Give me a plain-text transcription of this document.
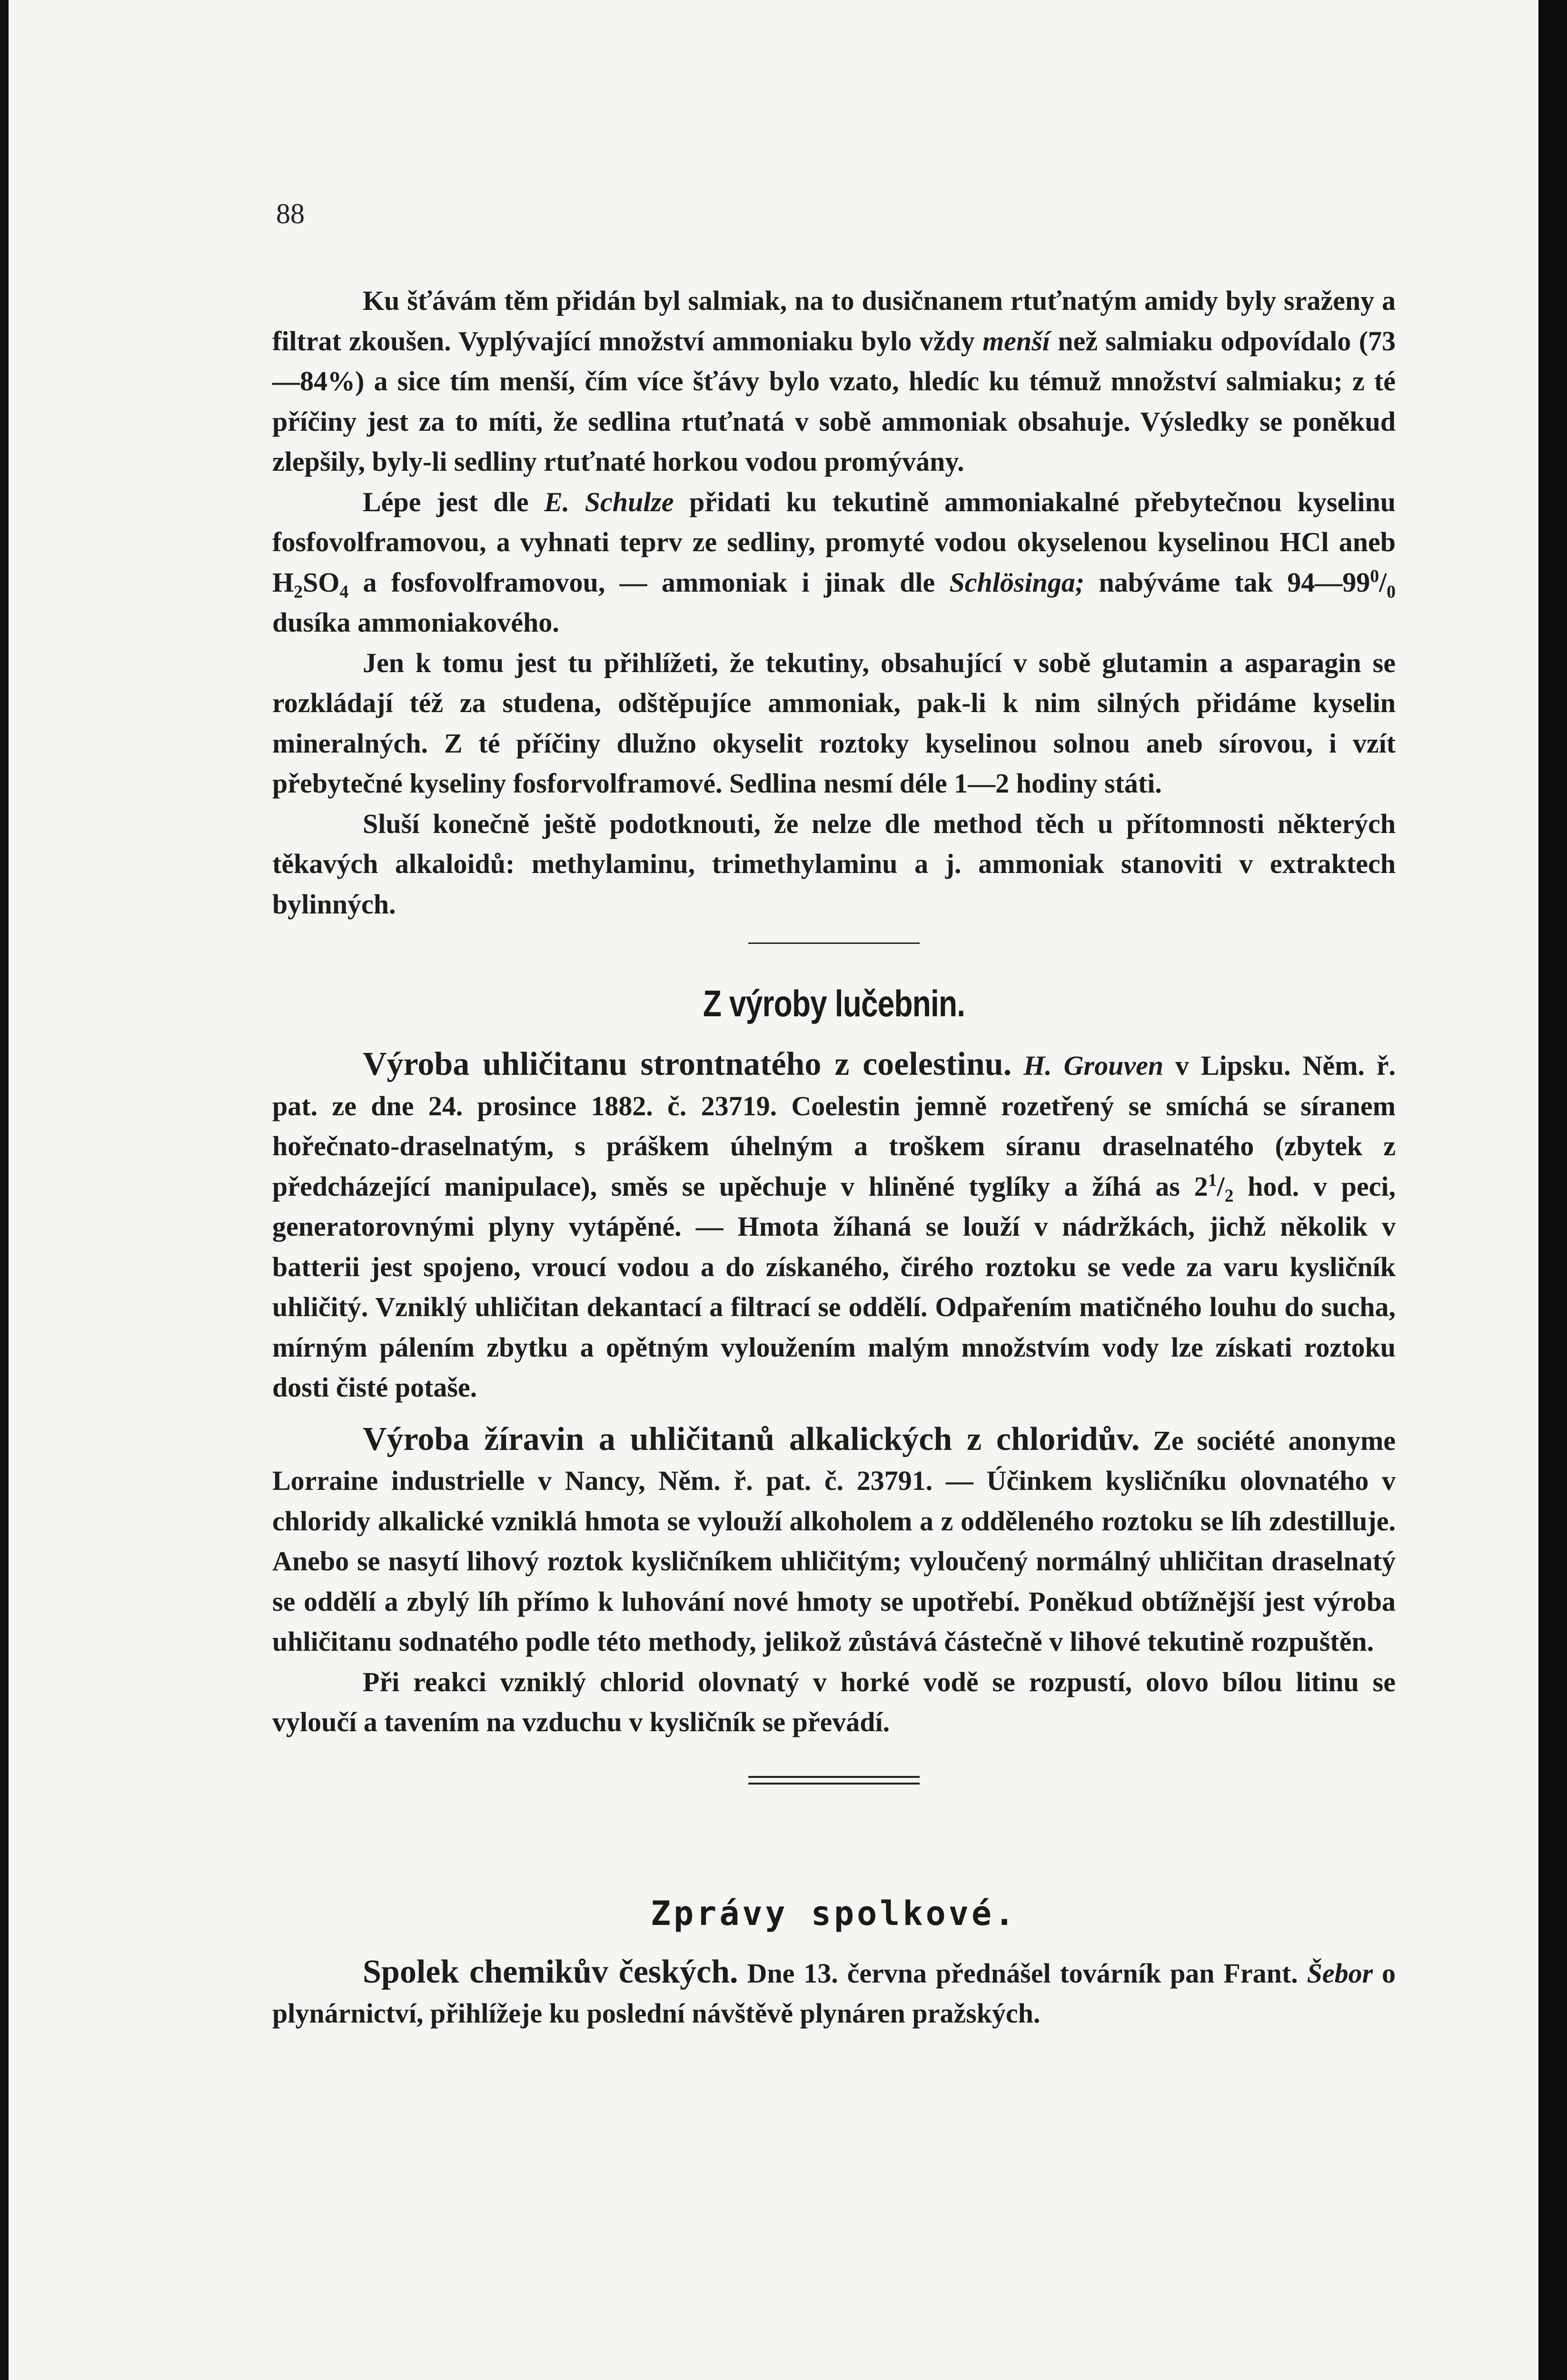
88

Ku šťávám těm přidán byl salmiak, na to dusičnanem rtuťnatým amidy byly sraženy a filtrat zkoušen. Vyplývající množství ammoniaku bylo vždy menší než salmiaku odpovídalo (73—84%) a sice tím menší, čím více šťávy bylo vzato, hledíc ku témuž množství salmiaku; z té příčiny jest za to míti, že sedlina rtuťnatá v sobě ammoniak obsahuje. Výsledky se poněkud zlepšily, byly-li sedliny rtuťnaté horkou vodou promývány.

Lépe jest dle E. Schulze přidati ku tekutině ammoniakalné přebytečnou kyselinu fosfovolframovou, a vyhnati teprv ze sedliny, promyté vodou okyselenou kyselinou HCl aneb $H_2SO_4$ a fosfovolframovou, — ammoniak i jinak dle Schlösinga; nabýváme tak $94—99^0/_0$ dusíka ammoniakového.

Jen k tomu jest tu přihlížeti, že tekutiny, obsahující v sobě glutamin a asparagin se rozkládají též za studena, odštěpujíce ammoniak, pak-li k nim silných přidáme kyselin mineralných. Z té příčiny dlužno okyselit roztoky kyselinou solnou aneb sírovou, i vzít přebytečné kyseliny fosforvolframové. Sedlina nesmí déle 1—2 hodiny státi.

Sluší konečně ještě podotknouti, že nelze dle method těch u přítomnosti některých těkavých alkaloidů: methylaminu, trimethylaminu a j. ammoniak stanoviti v extraktech bylinných.

Z výroby lučebnin.

Výroba uhličitanu strontnatého z coelestinu. H. Grouven v Lipsku. Něm. ř. pat. ze dne 24. prosince 1882. č. 23719. Coelestin jemně rozetřený se smíchá se síranem hořečnato-draselnatým, s práškem úhelným a troškem síranu draselnatého (zbytek z předcházející manipulace), směs se upěchuje v hliněné tyglíky a žíhá as $2^1/_2$ hod. v peci, generatorovnými plyny vytápěné. — Hmota žíhaná se louží v nádržkách, jichž několik v batterii jest spojeno, vroucí vodou a do získaného, čirého roztoku se vede za varu kysličník uhličitý. Vzniklý uhličitan dekantací a filtrací se oddělí. Odpařením matičného louhu do sucha, mírným pálením zbytku a opětným vyloužením malým množstvím vody lze získati roztoku dosti čisté potaše.

Výroba žíravin a uhličitanů alkalických z chloridův. Ze société anonyme Lorraine industrielle v Nancy, Něm. ř. pat. č. 23791. — Účinkem kysličníku olovnatého v chloridy alkalické vzniklá hmota se vylouží alkoholem a z odděleného roztoku se líh zdestilluje. Anebo se nasytí lihový roztok kysličníkem uhličitým; vyloučený normálný uhličitan draselnatý se oddělí a zbylý líh přímo k luhování nové hmoty se upotřebí. Poněkud obtížnější jest výroba uhličitanu sodnatého podle této methody, jelikož zůstává částečně v lihové tekutině rozpuštěn.

Při reakci vzniklý chlorid olovnatý v horké vodě se rozpustí, olovo bílou litinu se vyloučí a tavením na vzduchu v kysličník se převádí.

Zprávy spolkové.

Spolek chemikův českých. Dne 13. června přednášel továrník pan Frant. Šebor o plynárnictví, přihlížeje ku poslední návštěvě plynáren pražských.
